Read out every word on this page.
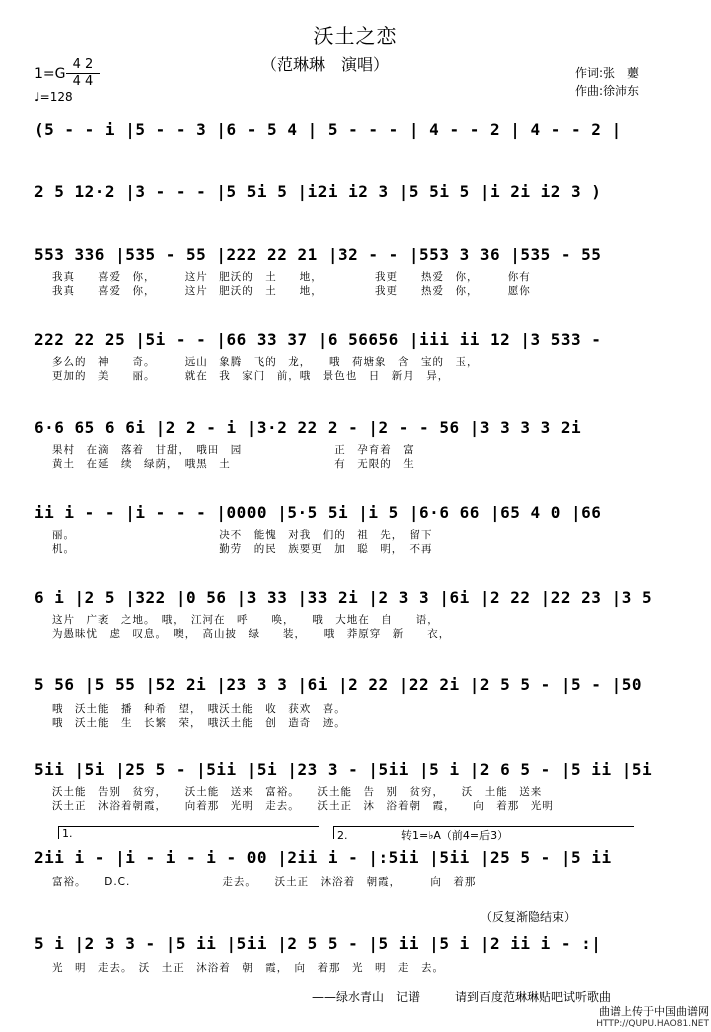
沃土之恋
（范琳琳　演唱）	作词:张　蘡
作曲:徐沛东
1=G
4 2
4 4
♩=128
(5 - - i |5 - - 3 |6 - 5 4 | 5 - - - | 4 - - 2 | 4 - - 2 |
2 5 12·2 |3 - - - |5 5i 5 |i2i i2 3 |5 5i 5 |i 2i i2 3 )
553 336 |535 - 55 |222 22 21 |32 - - |553 3 36 |535 - 55
我真　　喜爱　你，　　　这片　肥沃的　土　　地，　　　　　我更　　热爱　你，　　　你有
我真　　喜爱　你，　　　这片　肥沃的　土　　地，　　　　　我更　　热爱　你，　　　愿你
222 22 25 |5i - - |66 33 37 |6 56656 |iii ii 12 |3 533 -
多么的　神　　奇。　　　远山　象腾　飞的　龙，　　哦　荷塘象　含　宝的　玉，
更加的　美　　丽。　　　就在　我　家门　前，哦　景色也　日　新月　异，
6·6 65 6 6i |2 2 - i |3·2 22 2 - |2 - - 56 |3 3 3 3 2i
果村　在滴　落着　甘甜，　哦田　园　　　　　　　　正　孕育着　富
黄土　在延　续　绿荫，　哦黑　土　　　　　　　　　有　无限的　生
ii i - - |i - - - |0000 |5·5 5i |i 5 |6·6 66 |65 4 0 |66
丽。　　　　　　　　　　　　　决不　能愧　对我　们的　祖　先，　留下
机。　　　　　　　　　　　　　勤劳　的民　族要更　加　聪　明，　不再
6 i |2 5 |322 |0 56 |3 33 |33 2i |2 3 3 |6i |2 22 |22 23 |3 5
这片　广袤　之地。　哦，　江河在　呼　　唤，　　哦　大地在　自　　语，
为愚昧忧　虑　叹息。　噢，　高山披　绿　　装，　　哦　莽原穿　新　　衣，
5 56 |5 55 |52 2i |23 3 3 |6i |2 22 |22 2i |2 5 5 - |5 - |50
哦　沃土能　播　种希　望，　哦沃土能　收　获欢　喜。
哦　沃土能　生　长繁　荣，　哦沃土能　创　造奇　迹。
5ii |5i |25 5 - |5ii |5i |23 3 - |5ii |5 i |2 6 5 - |5 ii |5i
沃土能　告别　贫穷，　　沃土能　送来　富裕。　　沃土能　告　别　贫穷，　　沃　土能　送来
沃土正　沐浴着朝霞，　　向着那　光明　走去。　　沃土正　沐　浴着朝　霞，　　向　着那　光明
1.	2.	转1=♭A（前4=后3）
2ii i - |i - i - i - 00 |2ii i - |:5ii |5ii |25 5 - |5 ii
富裕。　　D.C.　　　　　　　　走去。　　沃土正　沐浴着　朝霞，　　　向　着那
（反复渐隐结束）
5 i |2 3 3 - |5 ii |5ii |2 5 5 - |5 ii |5 i |2 ii i - :|
光　明　走去。　沃　土正　沐浴着　朝　霞，　向　着那　光　明　走　去。
——绿水青山　记谱	请到百度范琳琳贴吧试听歌曲
曲谱上传于中国曲谱网
HTTP://QUPU.HAO81.NET
